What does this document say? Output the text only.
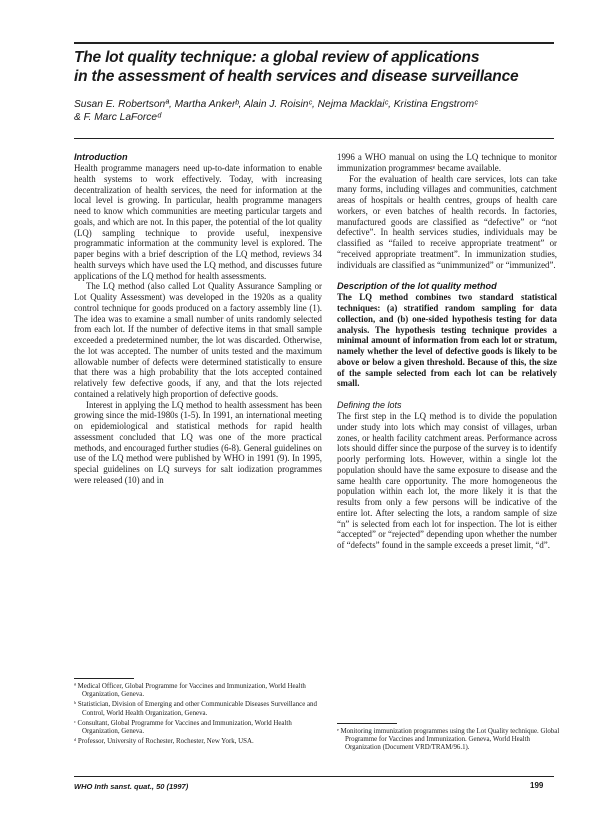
The lot quality technique: a global review of applications
in the assessment of health services and disease surveillance

Susan E. Robertsonª, Martha Ankerᵇ, Alain J. Roisinᶜ, Nejma Macklaiᶜ, Kristina Engstromᶜ
& F. Marc LaForceᵈ

Introduction

Health programme managers need up-to-date information to enable health systems to work effectively. Today, with increasing decentralization of health services, the need for information at the local level is growing. In particular, health programme managers need to know which communities are meeting particular targets and goals, and which are not. In this paper, the potential of the lot quality (LQ) sampling technique to provide useful, inexpensive programmatic information at the community level is explored. The paper begins with a brief description of the LQ method, reviews 34 health surveys which have used the LQ method, and discusses future applications of the LQ method for health assessments.

The LQ method (also called Lot Quality Assurance Sampling or Lot Quality Assessment) was developed in the 1920s as a quality control technique for goods produced on a factory assembly line (1). The idea was to examine a small number of units randomly selected from each lot. If the number of defective items in that small sample exceeded a predetermined number, the lot was discarded. Otherwise, the lot was accepted. The number of units tested and the maximum allowable number of defects were determined statistically to ensure that there was a high probability that the lots accepted contained relatively few defective goods, if any, and that the lots rejected contained a relatively high proportion of defective goods.

Interest in applying the LQ method to health assessment has been growing since the mid-1980s (1-5). In 1991, an international meeting on epidemiological and statistical methods for rapid health assessment concluded that LQ was one of the more practical methods, and encouraged further studies (6-8). General guidelines on use of the LQ method were published by WHO in 1991 (9). In 1995, special guidelines on LQ surveys for salt iodization programmes were released (10) and in

1996 a WHO manual on using the LQ technique to monitor immunization programmesᵉ became available.

For the evaluation of health care services, lots can take many forms, including villages and communities, catchment areas of hospitals or health centres, groups of health care workers, or even batches of health records. In factories, manufactured goods are classified as “defective” or “not defective”. In health services studies, individuals may be classified as “failed to receive appropriate treatment” or “received appropriate treatment”. In immunization studies, individuals are classified as “unimmunized” or “immunized”.

Description of the lot quality method

The LQ method combines two standard statistical techniques: (a) stratified random sampling for data collection, and (b) one-sided hypothesis testing for data analysis. The hypothesis testing technique provides a minimal amount of information from each lot or stratum, namely whether the level of defective goods is likely to be above or below a given threshold. Because of this, the size of the sample selected from each lot can be relatively small.

Defining the lots

The first step in the LQ method is to divide the population under study into lots which may consist of villages, urban zones, or health facility catchment areas. Performance across lots should differ since the purpose of the survey is to identify poorly performing lots. However, within a single lot the population should have the same exposure to disease and the same health care opportunity. The more homogeneous the population within each lot, the more likely it is that the results from only a few persons will be indicative of the entire lot. After selecting the lots, a random sample of size “n” is selected from each lot for inspection. The lot is either “accepted” or “rejected” depending upon whether the number of “defects” found in the sample exceeds a preset limit, “d”.

ª Medical Officer, Global Programme for Vaccines and Immunization, World Health Organization, Geneva.

ᵇ Statistician, Division of Emerging and other Communicable Diseases Surveillance and Control, World Health Organization, Geneva.

ᶜ Consultant, Global Programme for Vaccines and Immunization, World Health Organization, Geneva.

ᵈ Professor, University of Rochester, Rochester, New York, USA.

ᵉ Monitoring immunization programmes using the Lot Quality technique. Global Programme for Vaccines and Immunization. Geneva, World Health Organization (Document VRD/TRAM/96.1).

WHO Inth sanst. quat., 50 (1997)	199
